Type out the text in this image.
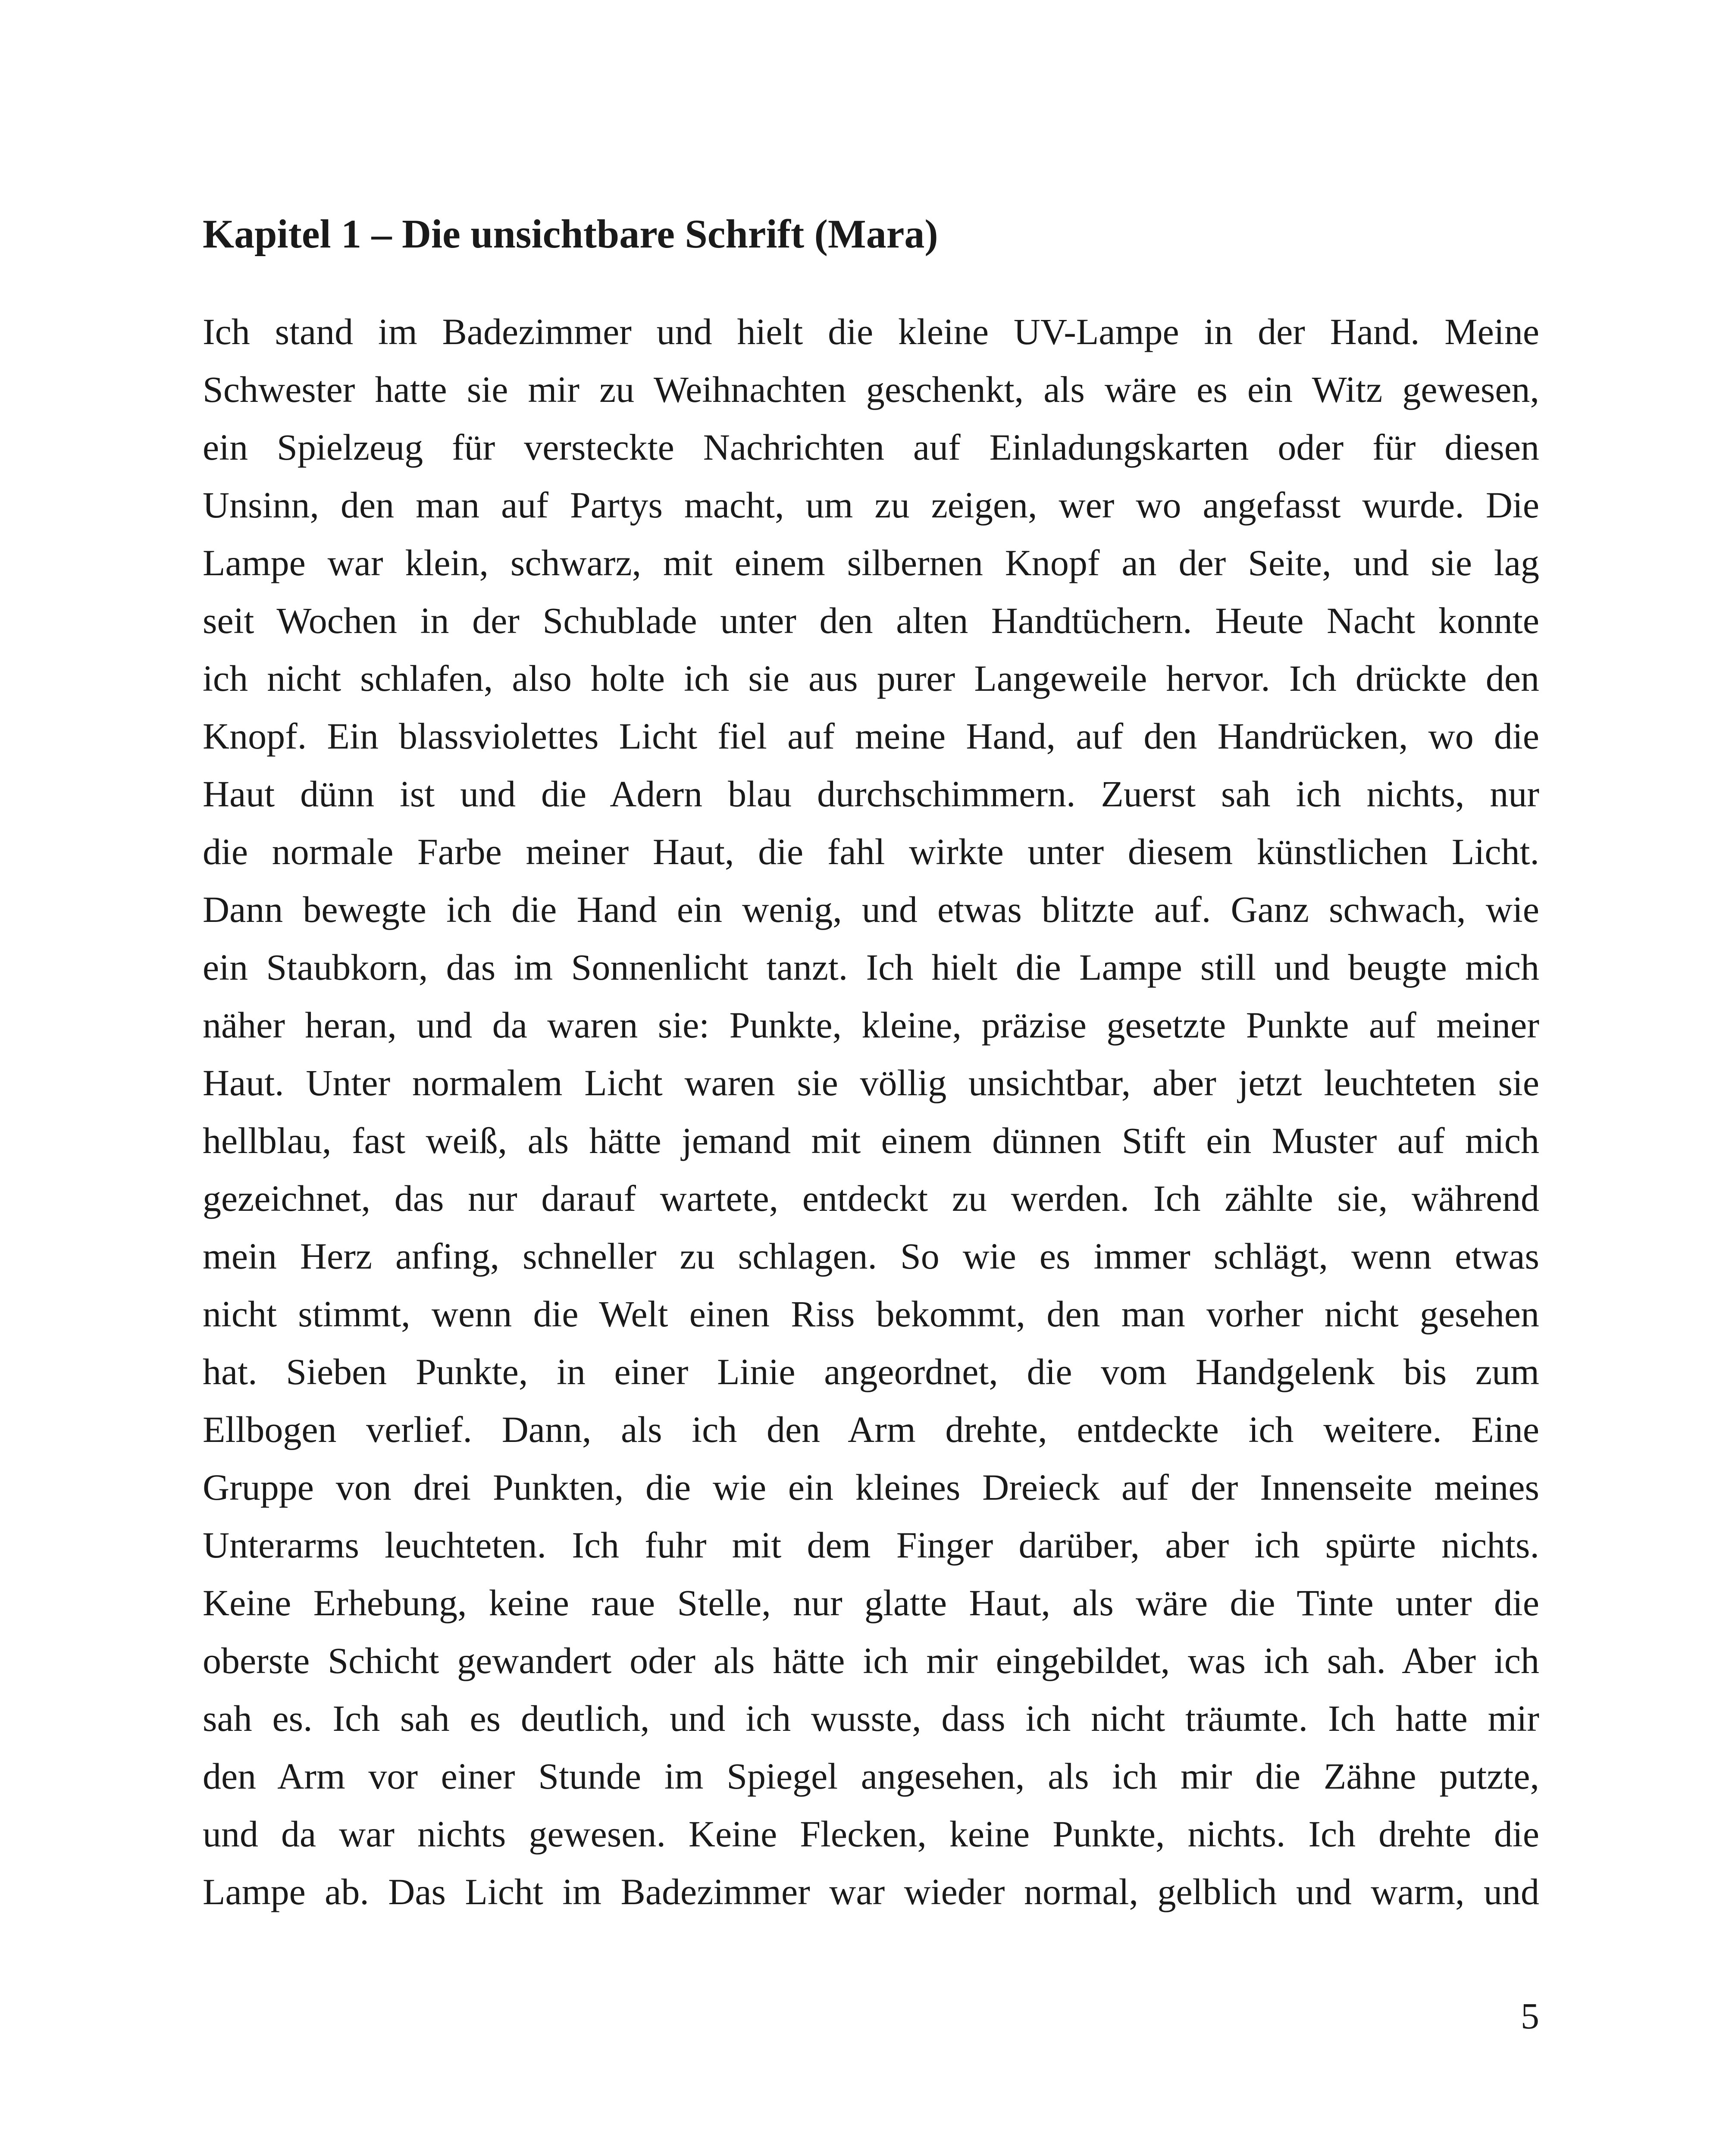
Kapitel 1 – Die unsichtbare Schrift (Mara)
Ich stand im Badezimmer und hielt die kleine UV-Lampe in der Hand. Meine
Schwester hatte sie mir zu Weihnachten geschenkt, als wäre es ein Witz gewesen,
ein Spielzeug für versteckte Nachrichten auf Einladungskarten oder für diesen
Unsinn, den man auf Partys macht, um zu zeigen, wer wo angefasst wurde. Die
Lampe war klein, schwarz, mit einem silbernen Knopf an der Seite, und sie lag
seit Wochen in der Schublade unter den alten Handtüchern. Heute Nacht konnte
ich nicht schlafen, also holte ich sie aus purer Langeweile hervor. Ich drückte den
Knopf. Ein blassviolettes Licht fiel auf meine Hand, auf den Handrücken, wo die
Haut dünn ist und die Adern blau durchschimmern. Zuerst sah ich nichts, nur
die normale Farbe meiner Haut, die fahl wirkte unter diesem künstlichen Licht.
Dann bewegte ich die Hand ein wenig, und etwas blitzte auf. Ganz schwach, wie
ein Staubkorn, das im Sonnenlicht tanzt. Ich hielt die Lampe still und beugte mich
näher heran, und da waren sie: Punkte, kleine, präzise gesetzte Punkte auf meiner
Haut. Unter normalem Licht waren sie völlig unsichtbar, aber jetzt leuchteten sie
hellblau, fast weiß, als hätte jemand mit einem dünnen Stift ein Muster auf mich
gezeichnet, das nur darauf wartete, entdeckt zu werden. Ich zählte sie, während
mein Herz anfing, schneller zu schlagen. So wie es immer schlägt, wenn etwas
nicht stimmt, wenn die Welt einen Riss bekommt, den man vorher nicht gesehen
hat. Sieben Punkte, in einer Linie angeordnet, die vom Handgelenk bis zum
Ellbogen verlief. Dann, als ich den Arm drehte, entdeckte ich weitere. Eine
Gruppe von drei Punkten, die wie ein kleines Dreieck auf der Innenseite meines
Unterarms leuchteten. Ich fuhr mit dem Finger darüber, aber ich spürte nichts.
Keine Erhebung, keine raue Stelle, nur glatte Haut, als wäre die Tinte unter die
oberste Schicht gewandert oder als hätte ich mir eingebildet, was ich sah. Aber ich
sah es. Ich sah es deutlich, und ich wusste, dass ich nicht träumte. Ich hatte mir
den Arm vor einer Stunde im Spiegel angesehen, als ich mir die Zähne putzte,
und da war nichts gewesen. Keine Flecken, keine Punkte, nichts. Ich drehte die
Lampe ab. Das Licht im Badezimmer war wieder normal, gelblich und warm, und

5
